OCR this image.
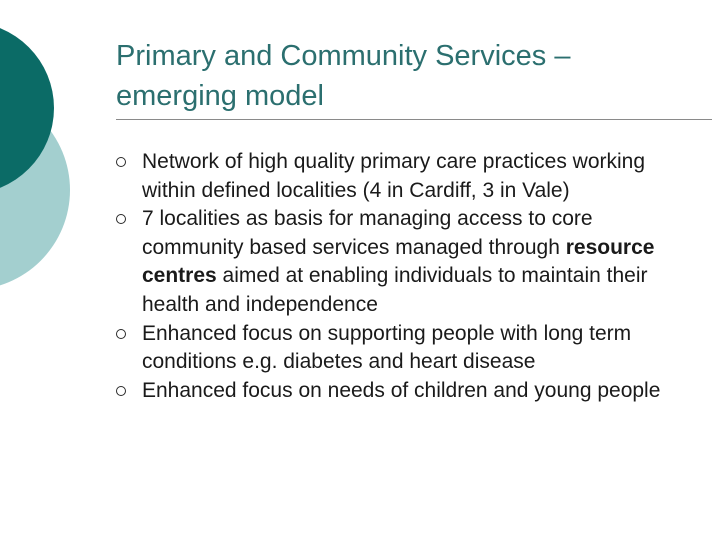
Primary and Community Services – emerging model
Network of high quality primary care practices working within defined localities (4 in Cardiff, 3 in Vale)
7 localities as basis for managing access to core community based services managed through resource centres aimed at enabling individuals to maintain their health and independence
Enhanced focus on supporting people with long term conditions e.g. diabetes and heart disease
Enhanced focus on needs of children and young people
